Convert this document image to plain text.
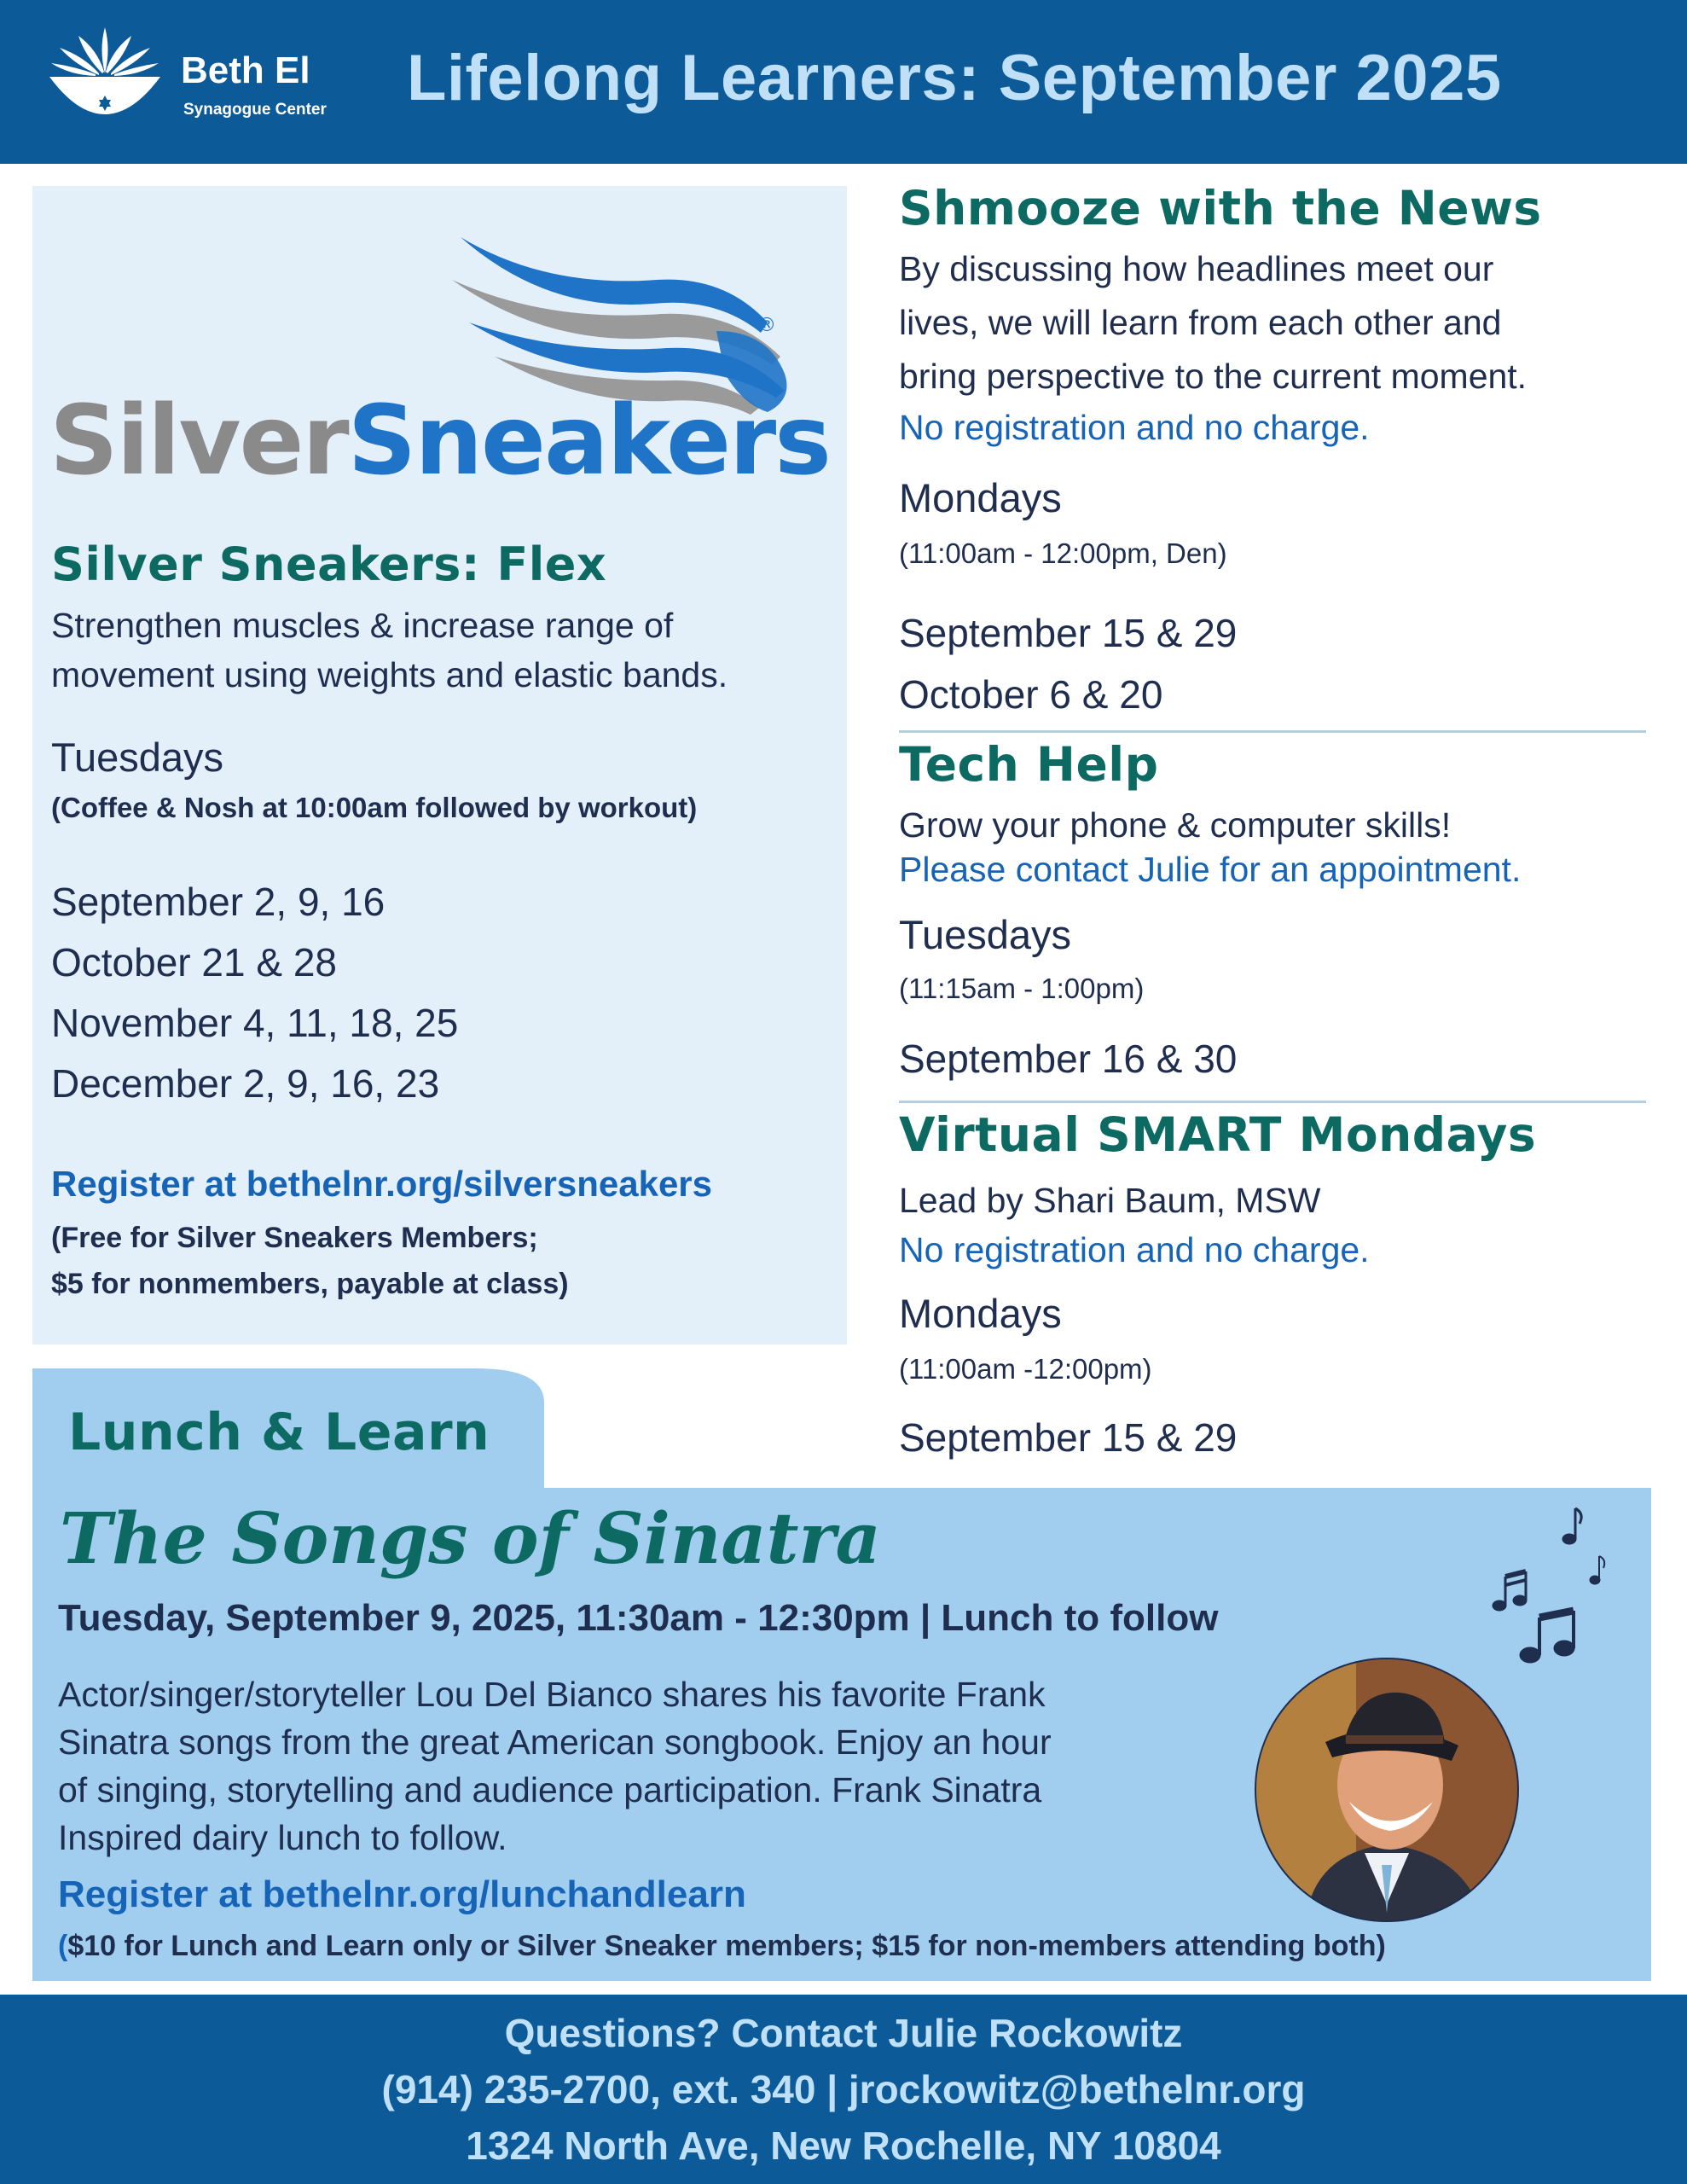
Beth El
Synagogue Center Lifelong Learners: September 2025
®
SilverSneakers
Silver Sneakers: Flex
Strengthen muscles & increase range of
movement using weights and elastic bands.
Tuesdays
(Coffee & Nosh at 10:00am followed by workout)
September 2, 9, 16
October 21 & 28
November 4, 11, 18, 25
December 2, 9, 16, 23
Register at bethelnr.org/silversneakers
(Free for Silver Sneakers Members;
$5 for nonmembers, payable at class)
Shmooze with the News
By discussing how headlines meet our
lives, we will learn from each other and
bring perspective to the current moment.
No registration and no charge.
Mondays
(11:00am - 12:00pm, Den)
September 15 & 29
October 6 & 20
Tech Help
Grow your phone & computer skills!
Please contact Julie for an appointment.
Tuesdays
(11:15am - 1:00pm)
September 16 & 30
Virtual SMART Mondays
Lead by Shari Baum, MSW
No registration and no charge.
Mondays
(11:00am -12:00pm)
September 15 & 29
Lunch & Learn
The Songs of Sinatra
Tuesday, September 9, 2025, 11:30am - 12:30pm | Lunch to follow
Actor/singer/storyteller Lou Del Bianco shares his favorite Frank
Sinatra songs from the great American songbook. Enjoy an hour
of singing, storytelling and audience participation. Frank Sinatra
Inspired dairy lunch to follow.
Register at bethelnr.org/lunchandlearn
($10 for Lunch and Learn only or Silver Sneaker members; $15 for non-members attending both)
Questions? Contact Julie Rockowitz
(914) 235-2700, ext. 340 | jrockowitz@bethelnr.org
1324 North Ave, New Rochelle, NY 10804
